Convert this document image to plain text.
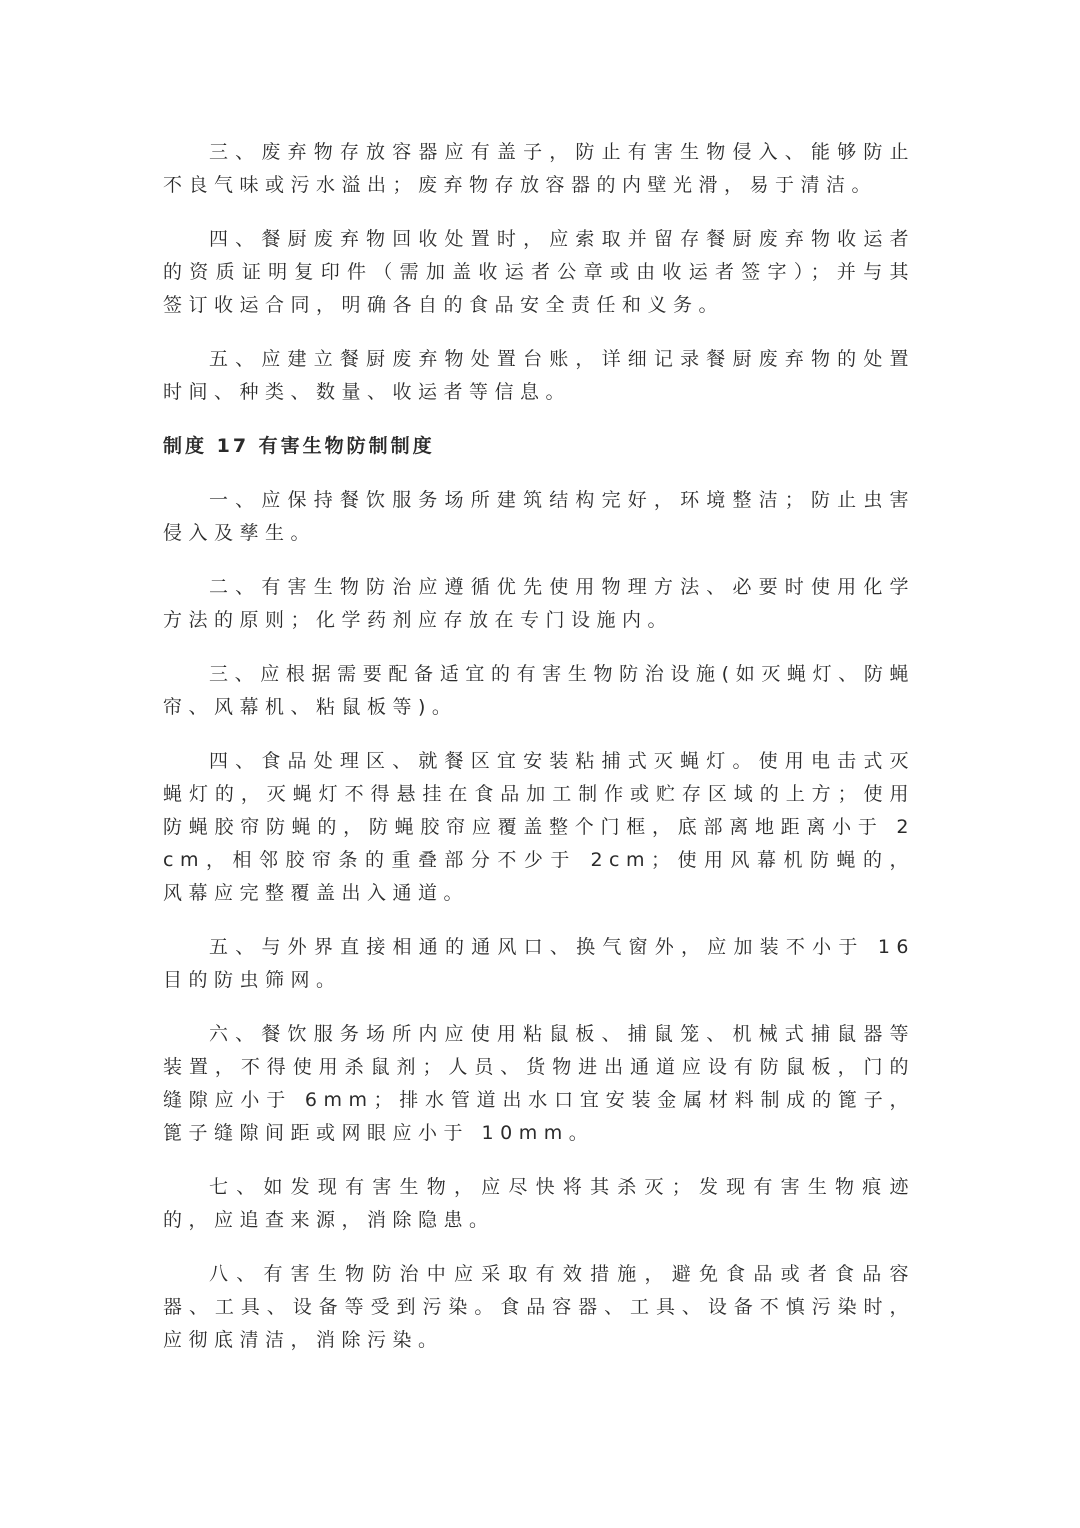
三、废弃物存放容器应有盖子，防止有害生物侵入、能够防止不良气味或污水溢出；废弃物存放容器的内壁光滑，易于清洁。

四、餐厨废弃物回收处置时，应索取并留存餐厨废弃物收运者的资质证明复印件（需加盖收运者公章或由收运者签字）；并与其签订收运合同，明确各自的食品安全责任和义务。

五、应建立餐厨废弃物处置台账，详细记录餐厨废弃物的处置时间、种类、数量、收运者等信息。

制度 17 有害生物防制制度

一、应保持餐饮服务场所建筑结构完好，环境整洁；防止虫害侵入及孳生。

二、有害生物防治应遵循优先使用物理方法、必要时使用化学方法的原则；化学药剂应存放在专门设施内。

三、应根据需要配备适宜的有害生物防治设施(如灭蝇灯、防蝇帘、风幕机、粘鼠板等)。

四、食品处理区、就餐区宜安装粘捕式灭蝇灯。使用电击式灭蝇灯的，灭蝇灯不得悬挂在食品加工制作或贮存区域的上方；使用防蝇胶帘防蝇的，防蝇胶帘应覆盖整个门框，底部离地距离小于 2cm，相邻胶帘条的重叠部分不少于 2cm；使用风幕机防蝇的，风幕应完整覆盖出入通道。

五、与外界直接相通的通风口、换气窗外，应加装不小于 16 目的防虫筛网。

六、餐饮服务场所内应使用粘鼠板、捕鼠笼、机械式捕鼠器等装置，不得使用杀鼠剂；人员、货物进出通道应设有防鼠板，门的缝隙应小于 6mm；排水管道出水口宜安装金属材料制成的篦子，篦子缝隙间距或网眼应小于 10mm。

七、如发现有害生物，应尽快将其杀灭；发现有害生物痕迹的，应追查来源，消除隐患。

八、有害生物防治中应采取有效措施，避免食品或者食品容器、工具、设备等受到污染。食品容器、工具、设备不慎污染时，应彻底清洁，消除污染。
